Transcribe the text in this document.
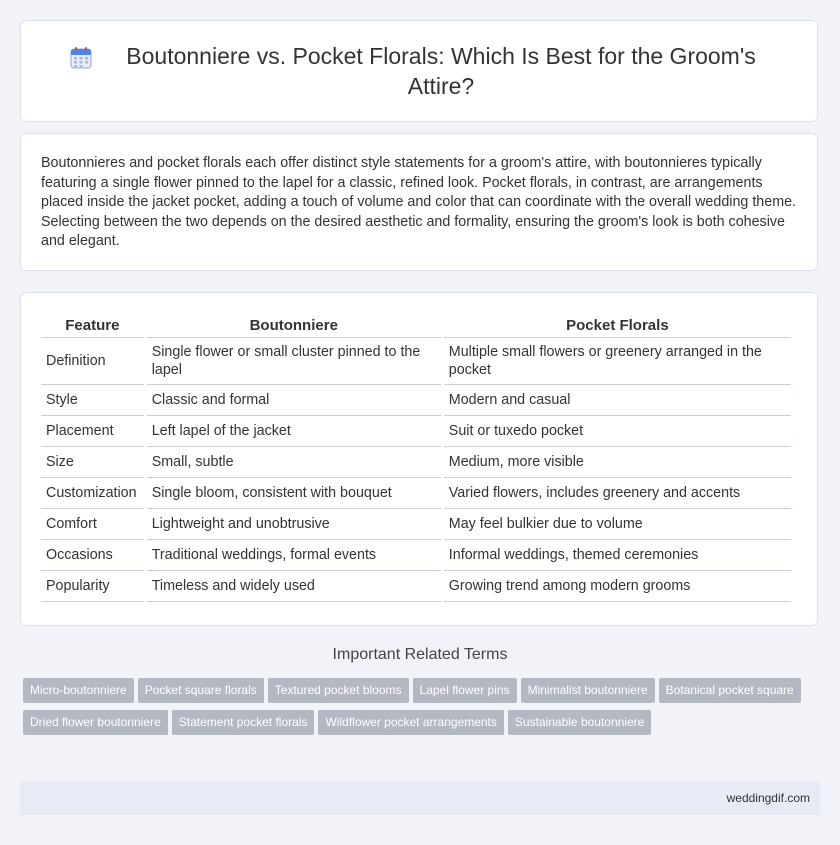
Boutonniere vs. Pocket Florals: Which Is Best for the Groom's Attire?

Boutonnieres and pocket florals each offer distinct style statements for a groom's attire, with boutonnieres typically featuring a single flower pinned to the lapel for a classic, refined look. Pocket florals, in contrast, are arrangements placed inside the jacket pocket, adding a touch of volume and color that can coordinate with the overall wedding theme. Selecting between the two depends on the desired aesthetic and formality, ensuring the groom's look is both cohesive and elegant.

Feature	Boutonniere	Pocket Florals
Definition	Single flower or small cluster pinned to the lapel	Multiple small flowers or greenery arranged in the pocket
Style	Classic and formal	Modern and casual
Placement	Left lapel of the jacket	Suit or tuxedo pocket
Size	Small, subtle	Medium, more visible
Customization	Single bloom, consistent with bouquet	Varied flowers, includes greenery and accents
Comfort	Lightweight and unobtrusive	May feel bulkier due to volume
Occasions	Traditional weddings, formal events	Informal weddings, themed ceremonies
Popularity	Timeless and widely used	Growing trend among modern grooms
Important Related Terms
Micro-boutonniere Pocket square florals Textured pocket blooms Lapel flower pins Minimalist boutonniere Botanical pocket squareDried flower boutonniere Statement pocket florals Wildflower pocket arrangements Sustainable boutonniere
weddingdif.com
